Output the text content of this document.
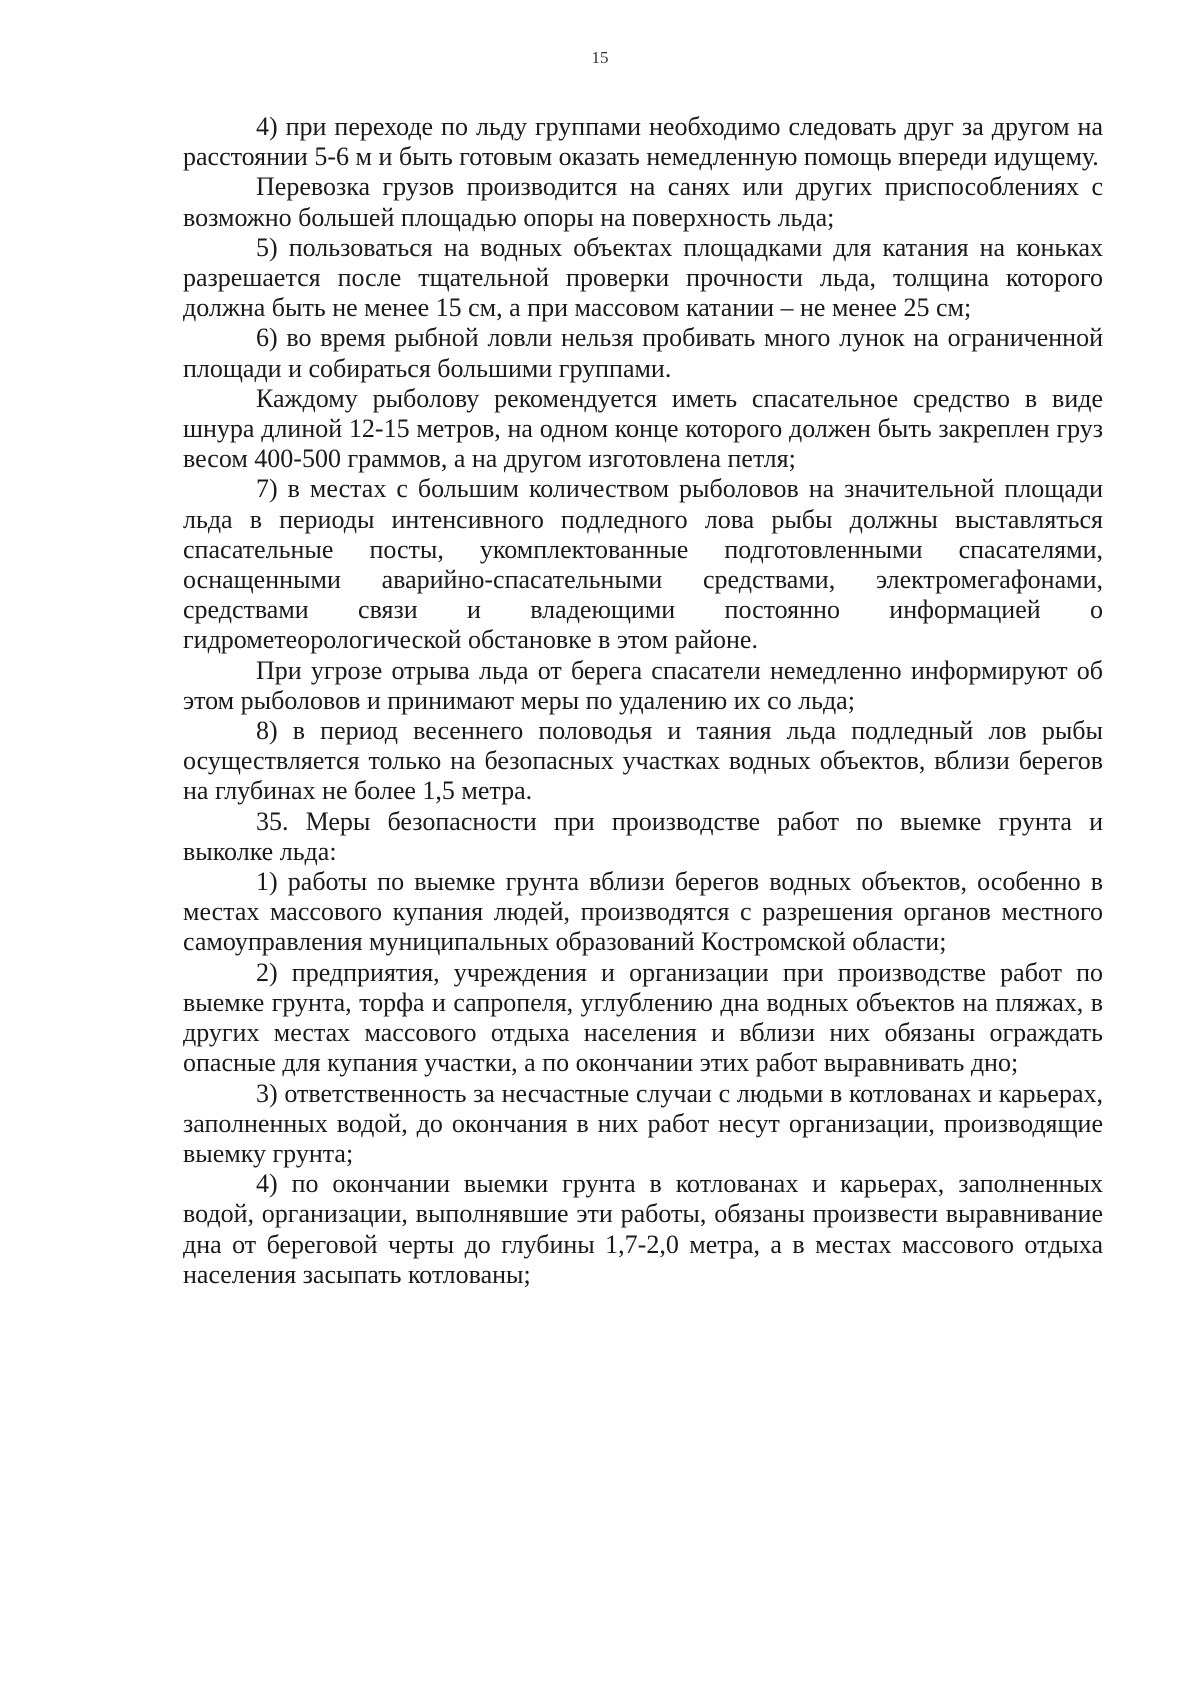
15

4) при переходе по льду группами необходимо следовать друг за другом на расстоянии 5-6 м и быть готовым оказать немедленную помощь впереди идущему.

Перевозка грузов производится на санях или других приспособлениях с возможно большей площадью опоры на поверхность льда;

5) пользоваться на водных объектах площадками для катания на коньках разрешается после тщательной проверки прочности льда, толщина которого должна быть не менее 15 см, а при массовом катании – не менее 25 см;

6) во время рыбной ловли нельзя пробивать много лунок на ограниченной площади и собираться большими группами.

Каждому рыболову рекомендуется иметь спасательное средство в виде шнура длиной 12-15 метров, на одном конце которого должен быть закреплен груз весом 400-500 граммов, а на другом изготовлена петля;

7) в местах с большим количеством рыболовов на значительной площади льда в периоды интенсивного подледного лова рыбы должны выставляться спасательные посты, укомплектованные подготовленными спасателями, оснащенными аварийно-спасательными средствами, электромегафонами, средствами связи и владеющими постоянно информацией о гидрометеорологической обстановке в этом районе.

При угрозе отрыва льда от берега спасатели немедленно информируют об этом рыболовов и принимают меры по удалению их со льда;

8) в период весеннего половодья и таяния льда подледный лов рыбы осуществляется только на безопасных участках водных объектов, вблизи берегов на глубинах не более 1,5 метра.

35. Меры безопасности при производстве работ по выемке грунта и выколке льда:

1) работы по выемке грунта вблизи берегов водных объектов, особенно в местах массового купания людей, производятся с разрешения органов местного самоуправления муниципальных образований Костромской области;

2) предприятия, учреждения и организации при производстве работ по выемке грунта, торфа и сапропеля, углублению дна водных объектов на пляжах, в других местах массового отдыха населения и вблизи них обязаны ограждать опасные для купания участки, а по окончании этих работ выравнивать дно;

3) ответственность за несчастные случаи с людьми в котлованах и карьерах, заполненных водой, до окончания в них работ несут организации, производящие выемку грунта;

4) по окончании выемки грунта в котлованах и карьерах, заполненных водой, организации, выполнявшие эти работы, обязаны произвести выравнивание дна от береговой черты до глубины 1,7-2,0 метра, а в местах массового отдыха населения засыпать котлованы;
